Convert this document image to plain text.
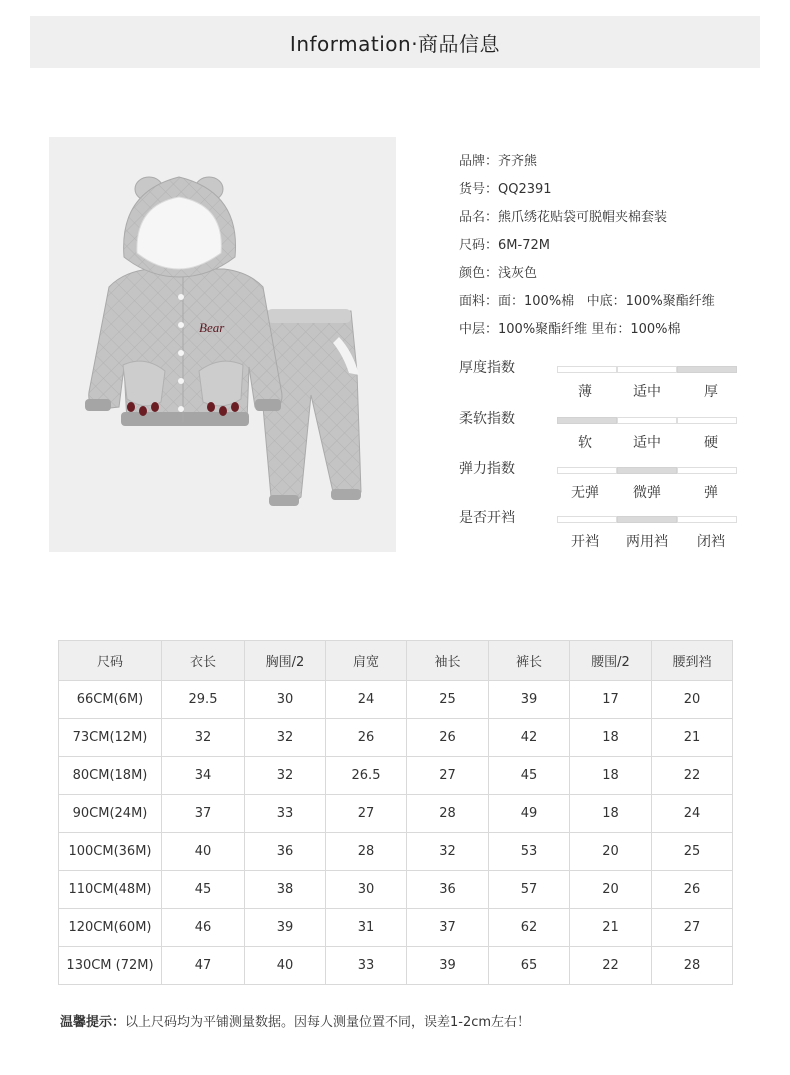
Information·商品信息
Bear
品牌：齐齐熊
货号：QQ2391
品名：熊爪绣花贴袋可脱帽夹棉套装
尺码：6M-72M
颜色：浅灰色
面料：面：100%棉   中底：100%聚酯纤维
中层：100%聚酯纤维 里布：100%棉
厚度指数
薄	适中	厚
柔软指数
软	适中	硬
弹力指数
无弹	微弹	弹
是否开裆
开裆	两用裆	闭裆
尺码	衣长	胸围/2	肩宽	袖长	裤长	腰围/2	腰到裆
66CM(6M)	29.5	30	24	25	39	17	20
73CM(12M)	32	32	26	26	42	18	21
80CM(18M)	34	32	26.5	27	45	18	22
90CM(24M)	37	33	27	28	49	18	24
100CM(36M)	40	36	28	32	53	20	25
110CM(48M)	45	38	30	36	57	20	26
120CM(60M)	46	39	31	37	62	21	27
130CM (72M)	47	40	33	39	65	22	28
温馨提示：以上尺码均为平铺测量数据。因每人测量位置不同，误差1-2cm左右！
